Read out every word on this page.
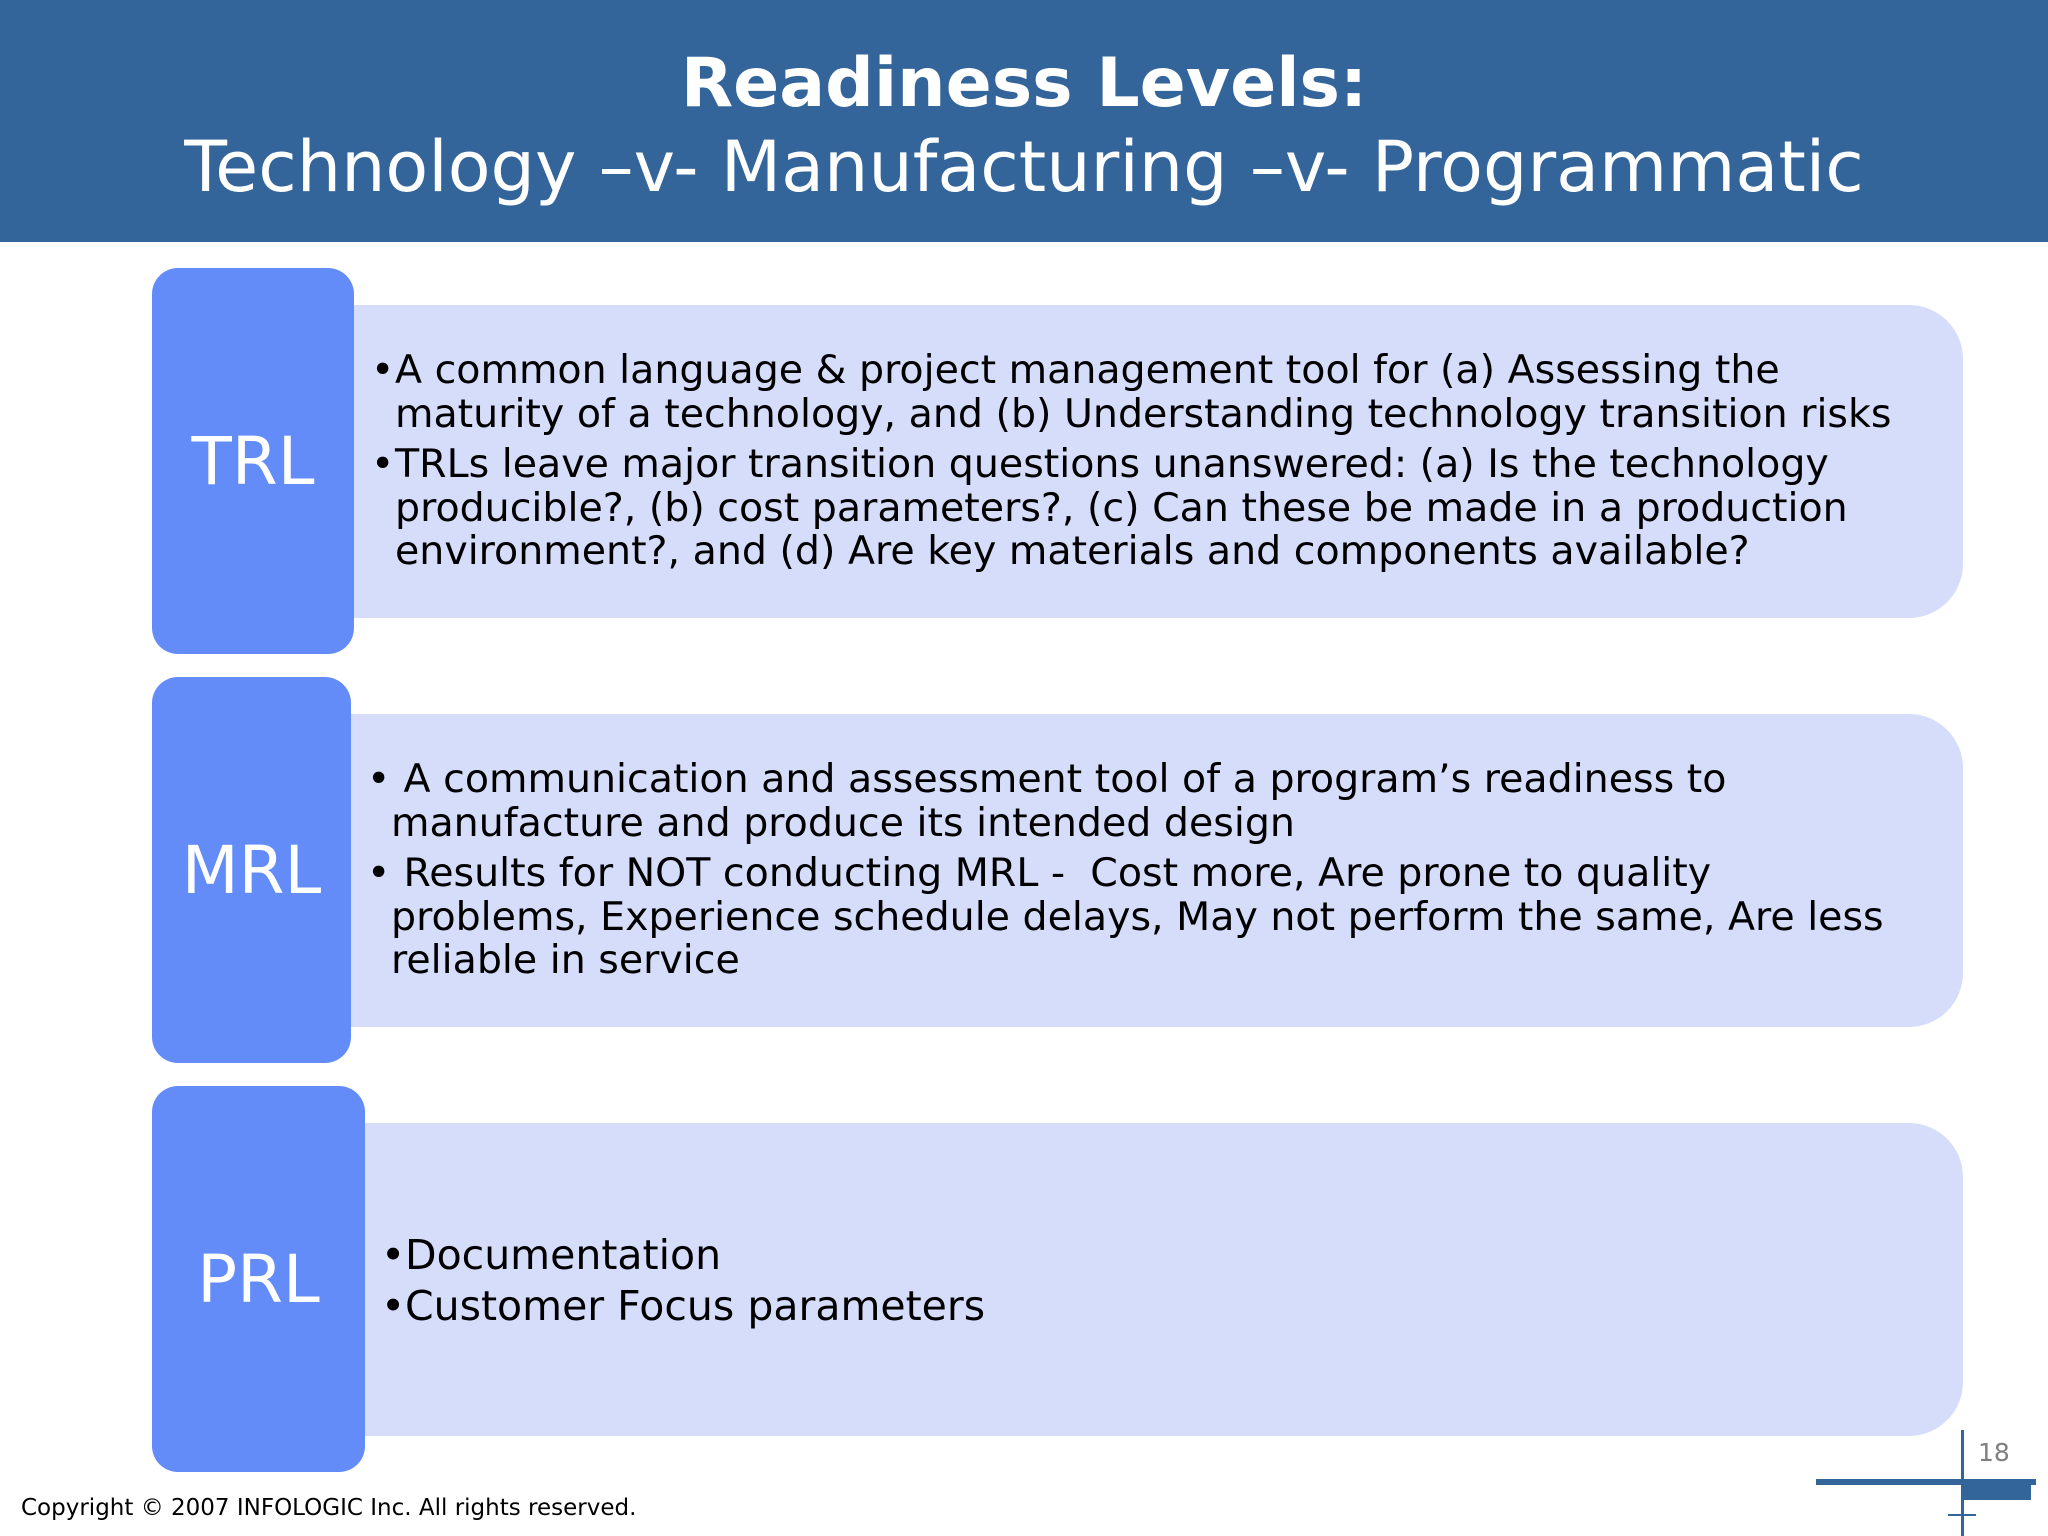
Readiness Levels:
Technology –v- Manufacturing –v- Programmatic
TRL
• A common language & project management tool for (a) Assessing the
maturity of a technology, and (b) Understanding technology transition risks
• TRLs leave major transition questions unanswered: (a) Is the technology
producible?, (b) cost parameters?, (c) Can these be made in a production
environment?, and (d) Are key materials and components available?
MRL
• A communication and assessment tool of a program’s readiness to
manufacture and produce its intended design
• Results for NOT conducting MRL -  Cost more, Are prone to quality
problems, Experience schedule delays, May not perform the same, Are less
reliable in service
PRL • Documentation
• Customer Focus parameters
Copyright © 2007 INFOLOGIC Inc. All rights reserved.
18
